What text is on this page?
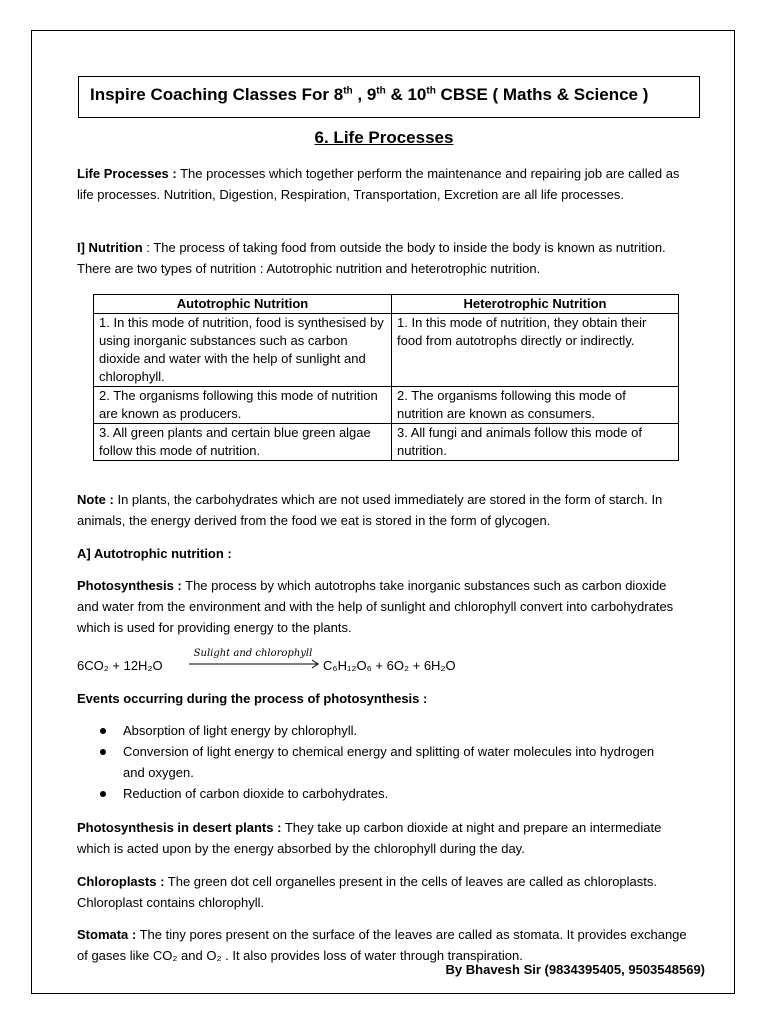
Inspire Coaching Classes For 8th , 9th & 10th CBSE ( Maths & Science )
6. Life Processes
Life Processes : The processes which together perform the maintenance and repairing job are called as life processes. Nutrition, Digestion, Respiration, Transportation, Excretion are all life processes.
I] Nutrition : The process of taking food from outside the body to inside the body is known as nutrition. There are two types of nutrition : Autotrophic nutrition and heterotrophic nutrition.
Autotrophic Nutrition	Heterotrophic Nutrition
1. In this mode of nutrition, food is synthesised by using inorganic substances such as carbon dioxide and water with the help of sunlight and chlorophyll.	1. In this mode of nutrition, they obtain their food from autotrophs directly or indirectly.
2. The organisms following this mode of nutrition are known as producers.	2. The organisms following this mode of nutrition are known as consumers.
3. All green plants and certain blue green algae follow this mode of nutrition.	3. All fungi and animals follow this mode of nutrition.
Note : In plants, the carbohydrates which are not used immediately are stored in the form of starch. In animals, the energy derived from the food we eat is stored in the form of glycogen.
A] Autotrophic nutrition :
Photosynthesis : The process by which autotrophs take inorganic substances such as carbon dioxide and water from the environment and with the help of sunlight and chlorophyll convert into carbohydrates which is used for providing energy to the plants.
6CO₂ + 12H₂O
Sulight and chlorophyll
C₆H₁₂O₆ + 6O₂ + 6H₂O
Events occurring during the process of photosynthesis :
Absorption of light energy by chlorophyll.
Conversion of light energy to chemical energy and splitting of water molecules into hydrogen and oxygen.
Reduction of carbon dioxide to carbohydrates.
Photosynthesis in desert plants : They take up carbon dioxide at night and prepare an intermediate which is acted upon by the energy absorbed by the chlorophyll during the day.
Chloroplasts : The green dot cell organelles present in the cells of leaves are called as chloroplasts. Chloroplast contains chlorophyll.
Stomata : The tiny pores present on the surface of the leaves are called as stomata. It provides exchange of gases like CO₂ and O₂ . It also provides loss of water through transpiration.
By Bhavesh Sir (9834395405, 9503548569)
